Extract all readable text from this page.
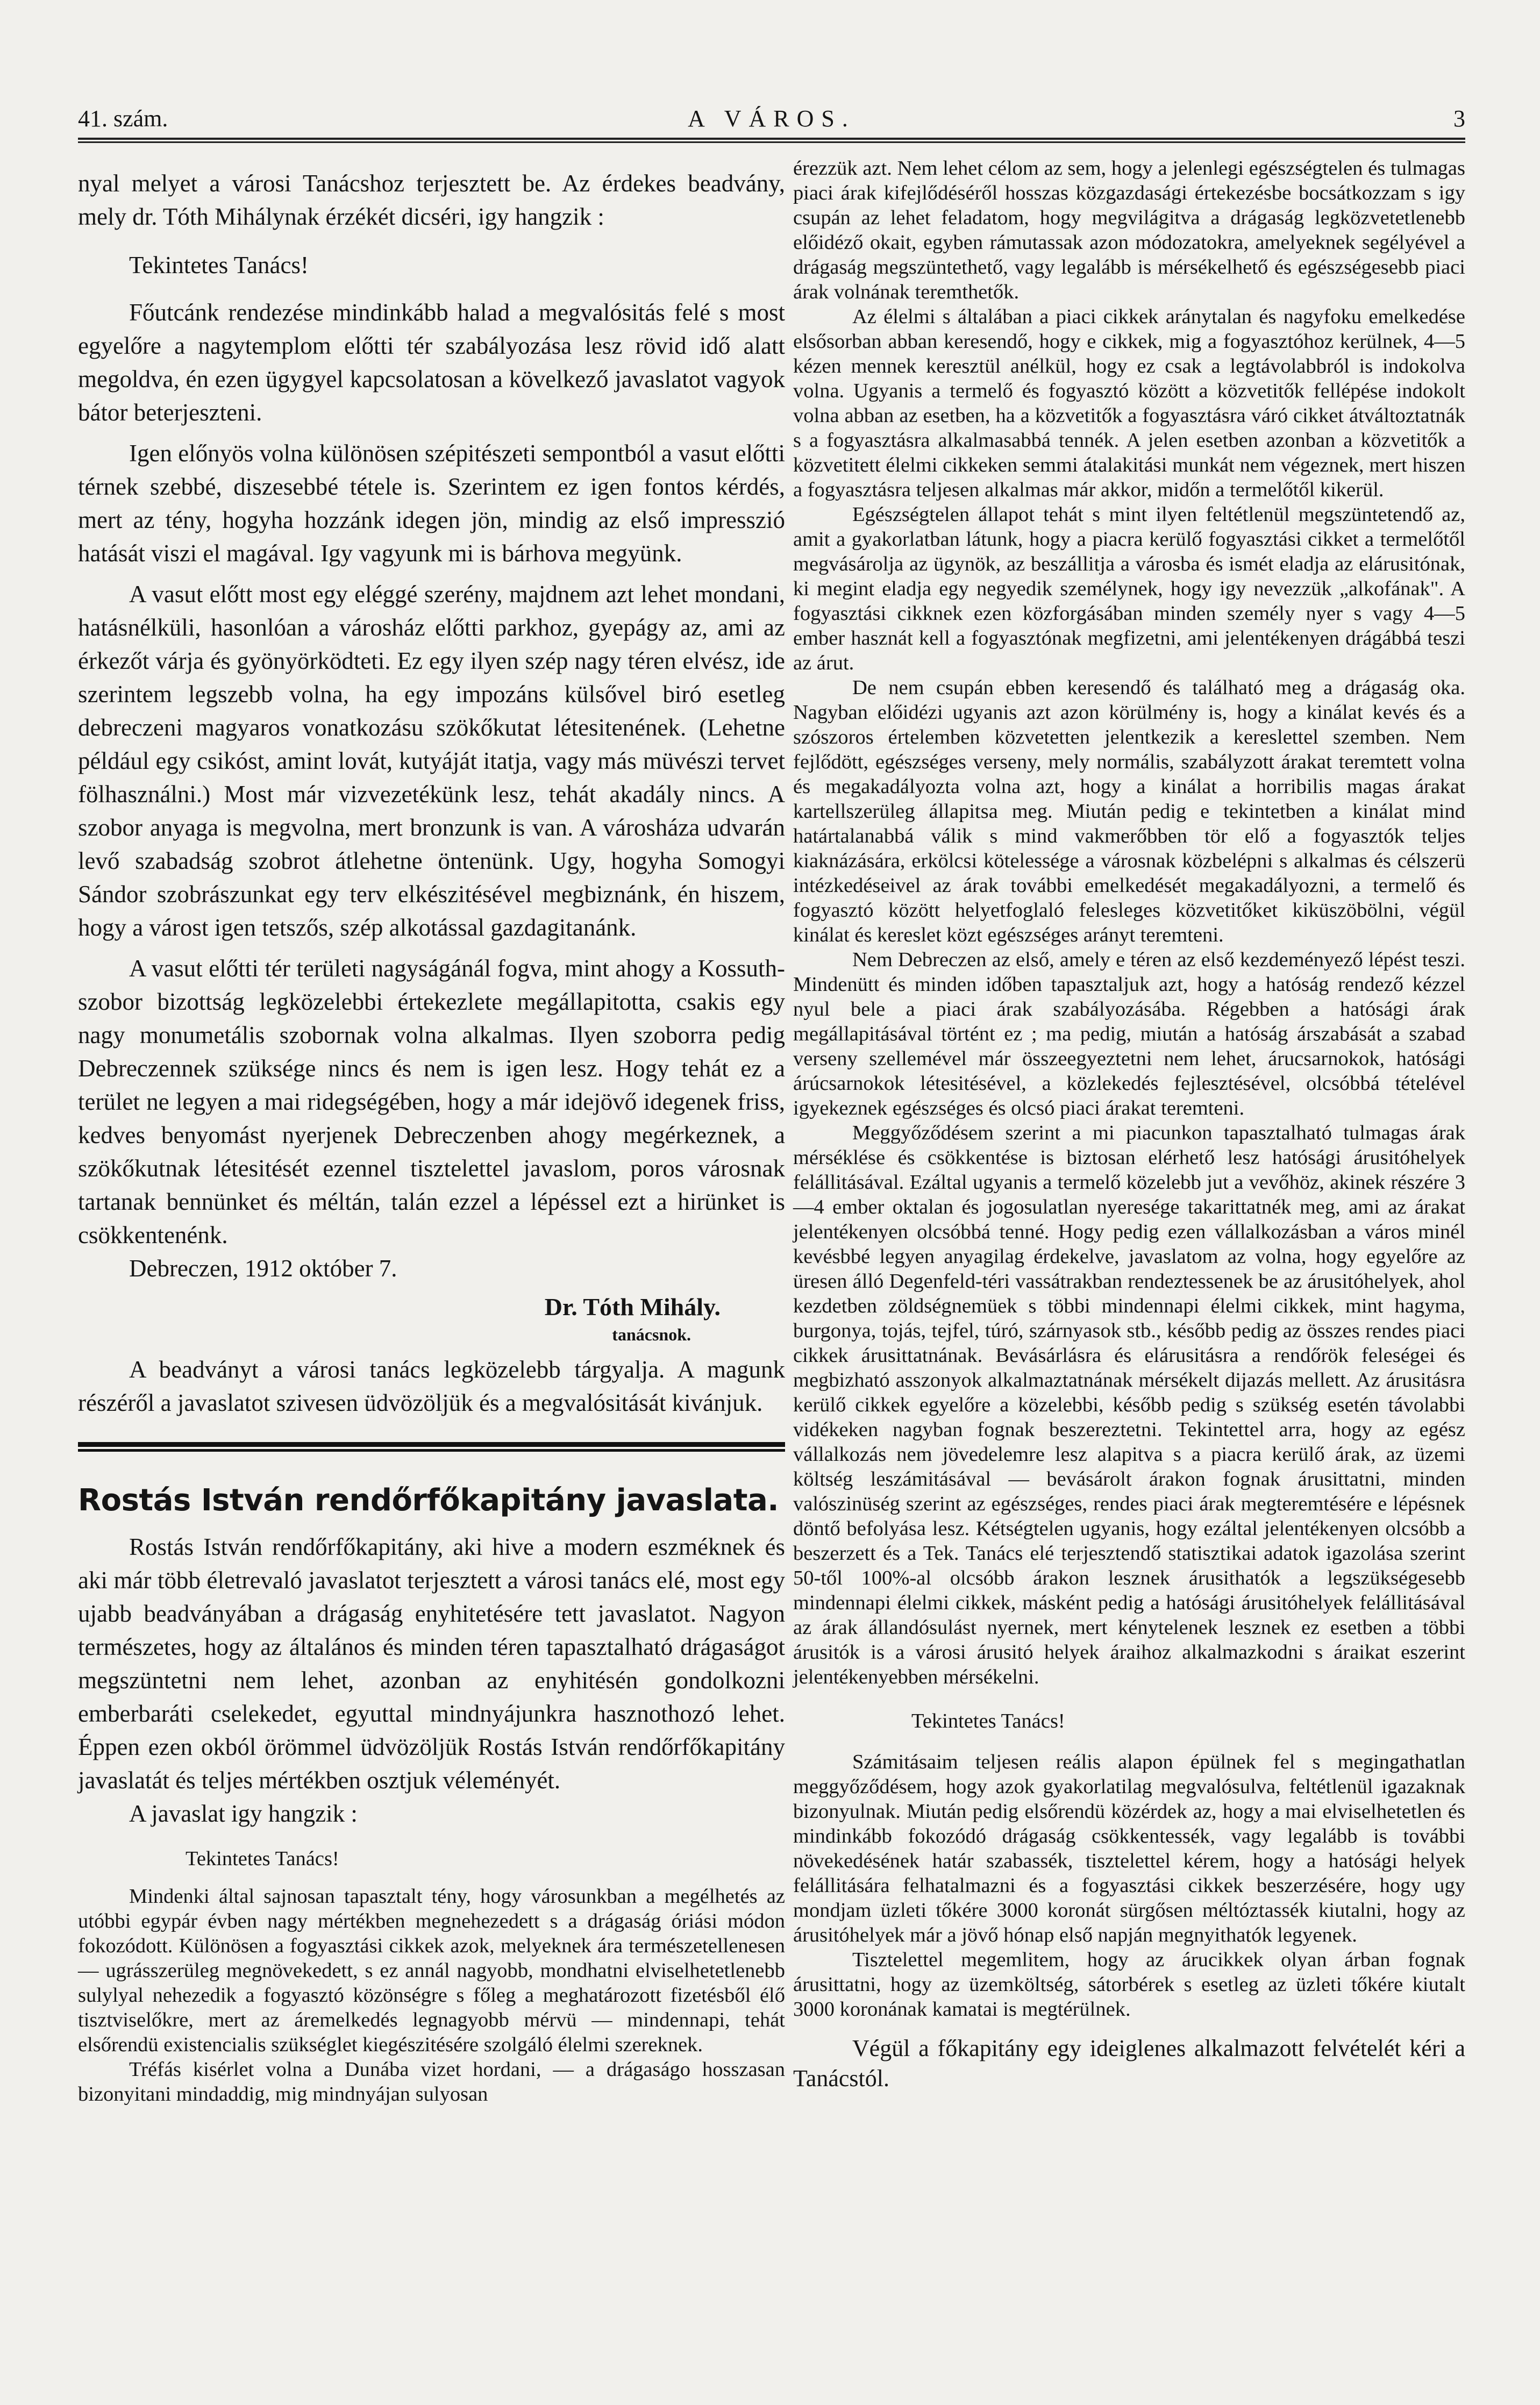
41. szám.	A VÁROS.	3

nyal melyet a városi Tanácshoz terjesztett be. Az érdekes beadvány, mely dr. Tóth Mihálynak érzékét dicséri, igy hangzik :

Tekintetes Tanács!

Főutcánk rendezése mindinkább halad a megvalósitás felé s most egyelőre a nagytemplom előtti tér szabályozása lesz rövid idő alatt megoldva, én ezen ügygyel kapcsolatosan a kövelkező javaslatot vagyok bátor beterjeszteni.

Igen előnyös volna különösen szépitészeti sempontból a vasut előtti térnek szebbé, diszesebbé tétele is. Szerintem ez igen fontos kérdés, mert az tény, hogyha hozzánk idegen jön, mindig az első impresszió hatását viszi el magával. Igy vagyunk mi is bárhova megyünk.

A vasut előtt most egy eléggé szerény, majdnem azt lehet mondani, hatásnélküli, hasonlóan a városház előtti parkhoz, gyepágy az, ami az érkezőt várja és gyönyörködteti. Ez egy ilyen szép nagy téren elvész, ide szerintem legszebb volna, ha egy impozáns külsővel biró esetleg debreczeni magyaros vonatkozásu szökőkutat létesitenének. (Lehetne például egy csikóst, amint lovát, kutyáját itatja, vagy más müvészi tervet fölhasználni.) Most már vizvezetékünk lesz, tehát akadály nincs. A szobor anyaga is megvolna, mert bronzunk is van. A városháza udvarán levő szabadság szobrot átlehetne öntenünk. Ugy, hogyha Somogyi Sándor szobrászunkat egy terv elkészitésével megbiznánk, én hiszem, hogy a várost igen tetszős, szép alkotással gazdagitanánk.

A vasut előtti tér területi nagyságánál fogva, mint ahogy a Kossuth-szobor bizottság legközelebbi értekezlete megállapitotta, csakis egy nagy monumetális szobornak volna alkalmas. Ilyen szoborra pedig Debreczennek szüksége nincs és nem is igen lesz. Hogy tehát ez a terület ne legyen a mai ridegségében, hogy a már idejövő idegenek friss, kedves benyomást nyerjenek Debreczenben ahogy megérkeznek, a szökőkutnak létesitését ezennel tisztelettel javaslom, poros városnak tartanak bennünket és méltán, talán ezzel a lépéssel ezt a hirünket is csökkentenénk.

Debreczen, 1912 október 7.

Dr. Tóth Mihály.
tanácsnok.

A beadványt a városi tanács legközelebb tárgyalja. A magunk részéről a javaslatot szivesen üdvözöljük és a megvalósitását kivánjuk.

Rostás István rendőrfőkapitány javaslata.

Rostás István rendőrfőkapitány, aki hive a modern eszméknek és aki már több életrevaló javaslatot terjesztett a városi tanács elé, most egy ujabb beadványában a drágaság enyhitetésére tett javaslatot. Nagyon természetes, hogy az általános és minden téren tapasztalható drágaságot megszüntetni nem lehet, azonban az enyhitésén gondolkozni emberbaráti cselekedet, egyuttal mindnyájunkra hasznothozó lehet. Éppen ezen okból örömmel üdvözöljük Rostás István rendőrfőkapitány javaslatát és teljes mértékben osztjuk véleményét.

A javaslat igy hangzik :

Tekintetes Tanács!

Mindenki által sajnosan tapasztalt tény, hogy városunkban a megélhetés az utóbbi egypár évben nagy mértékben megnehezedett s a drágaság óriási módon fokozódott. Különösen a fogyasztási cikkek azok, melyeknek ára természetellenesen — ugrásszerüleg megnövekedett, s ez annál nagyobb, mondhatni elviselhetetlenebb sulylyal nehezedik a fogyasztó közönségre s főleg a meghatározott fizetésből élő tisztviselőkre, mert az áremelkedés legnagyobb mérvü — mindennapi, tehát elsőrendü existencialis szükséglet kiegészitésére szolgáló élelmi szereknek.

Tréfás kisérlet volna a Dunába vizet hordani, — a drágaságo hosszasan bizonyitani mindaddig, mig mindnyájan sulyosan

érezzük azt. Nem lehet célom az sem, hogy a jelenlegi egészségtelen és tulmagas piaci árak kifejlődéséről hosszas közgazdasági értekezésbe bocsátkozzam s igy csupán az lehet feladatom, hogy megvilágitva a drágaság legközvetetlenebb előidéző okait, egyben rámutassak azon módozatokra, amelyeknek segélyével a drágaság megszüntethető, vagy legalább is mérsékelhető és egészségesebb piaci árak volnának teremthetők.

Az élelmi s általában a piaci cikkek aránytalan és nagyfoku emelkedése elsősorban abban keresendő, hogy e cikkek, mig a fogyasztóhoz kerülnek, 4—5 kézen mennek keresztül anélkül, hogy ez csak a legtávolabbról is indokolva volna. Ugyanis a termelő és fogyasztó között a közvetitők fellépése indokolt volna abban az esetben, ha a közvetitők a fogyasztásra váró cikket átváltoztatnák s a fogyasztásra alkalmasabbá tennék. A jelen esetben azonban a közvetitők a közvetitett élelmi cikkeken semmi átalakitási munkát nem végeznek, mert hiszen a fogyasztásra teljesen alkalmas már akkor, midőn a termelőtől kikerül.

Egészségtelen állapot tehát s mint ilyen feltétlenül megszüntetendő az, amit a gyakorlatban látunk, hogy a piacra kerülő fogyasztási cikket a termelőtől megvásárolja az ügynök, az beszállitja a városba és ismét eladja az elárusitónak, ki megint eladja egy negyedik személynek, hogy igy nevezzük „alkofának". A fogyasztási cikknek ezen közforgásában minden személy nyer s vagy 4—5 ember hasznát kell a fogyasztónak megfizetni, ami jelentékenyen drágábbá teszi az árut.

De nem csupán ebben keresendő és található meg a drágaság oka. Nagyban előidézi ugyanis azt azon körülmény is, hogy a kinálat kevés és a szószoros értelemben közvetetten jelentkezik a kereslettel szemben. Nem fejlődött, egészséges verseny, mely normális, szabályzott árakat teremtett volna és megakadályozta volna azt, hogy a kinálat a horribilis magas árakat kartellszerüleg állapitsa meg. Miután pedig e tekintetben a kinálat mind határtalanabbá válik s mind vakmerőbben tör elő a fogyasztók teljes kiaknázására, erkölcsi kötelessége a városnak közbelépni s alkalmas és célszerü intézkedéseivel az árak további emelkedését megakadályozni, a termelő és fogyasztó között helyetfoglaló felesleges közvetitőket kiküszöbölni, végül kinálat és kereslet közt egészséges arányt teremteni.

Nem Debreczen az első, amely e téren az első kezdeményező lépést teszi. Mindenütt és minden időben tapasztaljuk azt, hogy a hatóság rendező kézzel nyul bele a piaci árak szabályozásába. Régebben a hatósági árak megállapitásával történt ez ; ma pedig, miután a hatóság árszabását a szabad verseny szellemével már összeegyeztetni nem lehet, árucsarnokok, hatósági árúcsarnokok létesitésével, a közlekedés fejlesztésével, olcsóbbá tételével igyekeznek egészséges és olcsó piaci árakat teremteni.

Meggyőződésem szerint a mi piacunkon tapasztalható tulmagas árak mérséklése és csökkentése is biztosan elérhető lesz hatósági árusitóhelyek felállitásával. Ezáltal ugyanis a termelő közelebb jut a vevőhöz, akinek részére 3—4 ember oktalan és jogosulatlan nyeresége takarittatnék meg, ami az árakat jelentékenyen olcsóbbá tenné. Hogy pedig ezen vállalkozásban a város minél kevésbbé legyen anyagilag érdekelve, javaslatom az volna, hogy egyelőre az üresen álló Degenfeld-téri vassátrakban rendeztessenek be az árusitóhelyek, ahol kezdetben zöldségnemüek s többi mindennapi élelmi cikkek, mint hagyma, burgonya, tojás, tejfel, túró, szárnyasok stb., később pedig az összes rendes piaci cikkek árusittatnának. Bevásárlásra és elárusitásra a rendőrök feleségei és megbizható asszonyok alkalmaztatnának mérsékelt dijazás mellett. Az árusitásra kerülő cikkek egyelőre a közelebbi, később pedig s szükség esetén távolabbi vidékeken nagyban fognak beszereztetni. Tekintettel arra, hogy az egész vállalkozás nem jövedelemre lesz alapitva s a piacra kerülő árak, az üzemi költség leszámitásával — bevásárolt árakon fognak árusittatni, minden valószinüség szerint az egészséges, rendes piaci árak megteremtésére e lépésnek döntő befolyása lesz. Kétségtelen ugyanis, hogy ezáltal jelentékenyen olcsóbb a beszerzett és a Tek. Tanács elé terjesztendő statisztikai adatok igazolása szerint 50-től 100%-al olcsóbb árakon lesznek árusithatók a legszükségesebb mindennapi élelmi cikkek, másként pedig a hatósági árusitóhelyek felállitásával az árak állandósulást nyernek, mert kénytelenek lesznek ez esetben a többi árusitók is a városi árusitó helyek áraihoz alkalmazkodni s áraikat eszerint jelentékenyebben mérsékelni.

Tekintetes Tanács!

Számitásaim teljesen reális alapon épülnek fel s megingathatlan meggyőződésem, hogy azok gyakorlatilag megvalósulva, feltétlenül igazaknak bizonyulnak. Miután pedig elsőrendü közérdek az, hogy a mai elviselhetetlen és mindinkább fokozódó drágaság csökkentessék, vagy legalább is további növekedésének határ szabassék, tisztelettel kérem, hogy a hatósági helyek felállitására felhatalmazni és a fogyasztási cikkek beszerzésére, hogy ugy mondjam üzleti tőkére 3000 koronát sürgősen méltóztassék kiutalni, hogy az árusitóhelyek már a jövő hónap első napján megnyithatók legyenek.

Tisztelettel megemlitem, hogy az árucikkek olyan árban fognak árusittatni, hogy az üzemköltség, sátorbérek s esetleg az üzleti tőkére kiutalt 3000 koronának kamatai is megtérülnek.

Végül a főkapitány egy ideiglenes alkalmazott felvételét kéri a Tanácstól.
